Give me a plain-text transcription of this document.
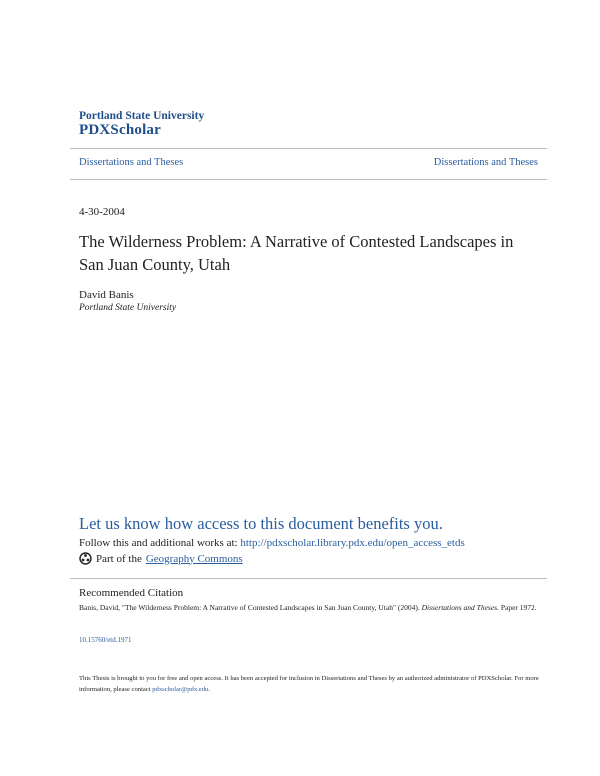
Portland State University
PDXScholar
Dissertations and Theses	Dissertations and Theses
4-30-2004
The Wilderness Problem: A Narrative of Contested Landscapes in San Juan County, Utah
David Banis
Portland State University
Let us know how access to this document benefits you.
Follow this and additional works at: http://pdxscholar.library.pdx.edu/open_access_etds
Part of the Geography Commons
Recommended Citation
Banis, David, "The Wilderness Problem: A Narrative of Contested Landscapes in San Juan County, Utah" (2004). Dissertations and Theses. Paper 1972.
10.15760/etd.1971
This Thesis is brought to you for free and open access. It has been accepted for inclusion in Dissertations and Theses by an authorized administrator of PDXScholar. For more information, please contact pdxscholar@pdx.edu.
